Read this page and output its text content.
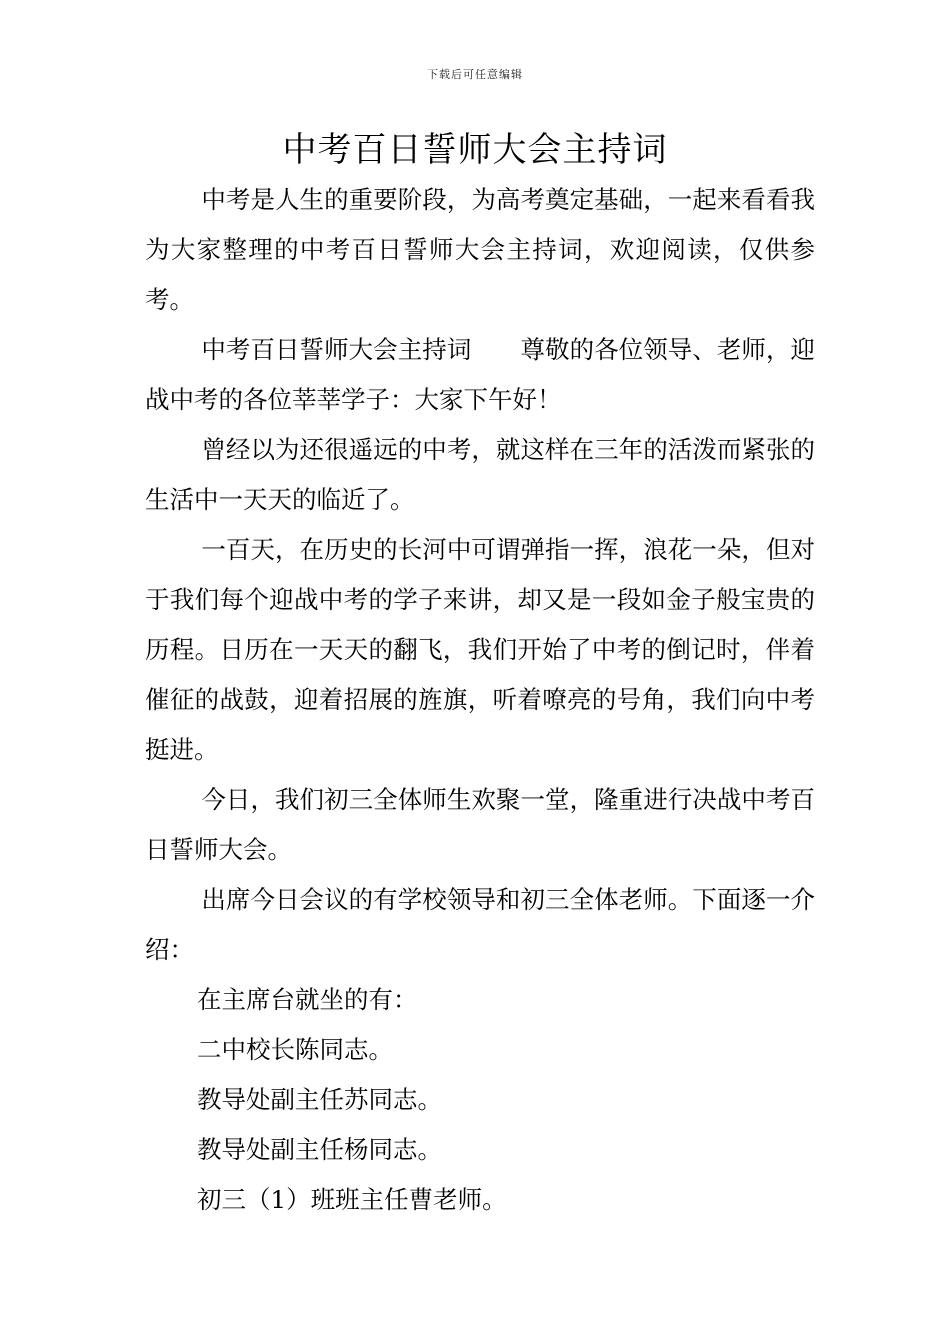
下载后可任意编辑
中考百日誓师大会主持词

中考是人生的重要阶段，为高考奠定基础，一起来看看我为大家整理的中考百日誓师大会主持词，欢迎阅读，仅供参考。

中考百日誓师大会主持词　　尊敬的各位领导、老师，迎战中考的各位莘莘学子：大家下午好！

曾经以为还很遥远的中考，就这样在三年的活泼而紧张的生活中一天天的临近了。

一百天，在历史的长河中可谓弹指一挥，浪花一朵，但对于我们每个迎战中考的学子来讲，却又是一段如金子般宝贵的历程。日历在一天天的翻飞，我们开始了中考的倒记时，伴着催征的战鼓，迎着招展的旌旗，听着嘹亮的号角，我们向中考挺进。

今日，我们初三全体师生欢聚一堂，隆重进行决战中考百日誓师大会。

出席今日会议的有学校领导和初三全体老师。下面逐一介绍：

在主席台就坐的有：

二中校长陈同志。

教导处副主任苏同志。

教导处副主任杨同志。

初三（1）班班主任曹老师。
